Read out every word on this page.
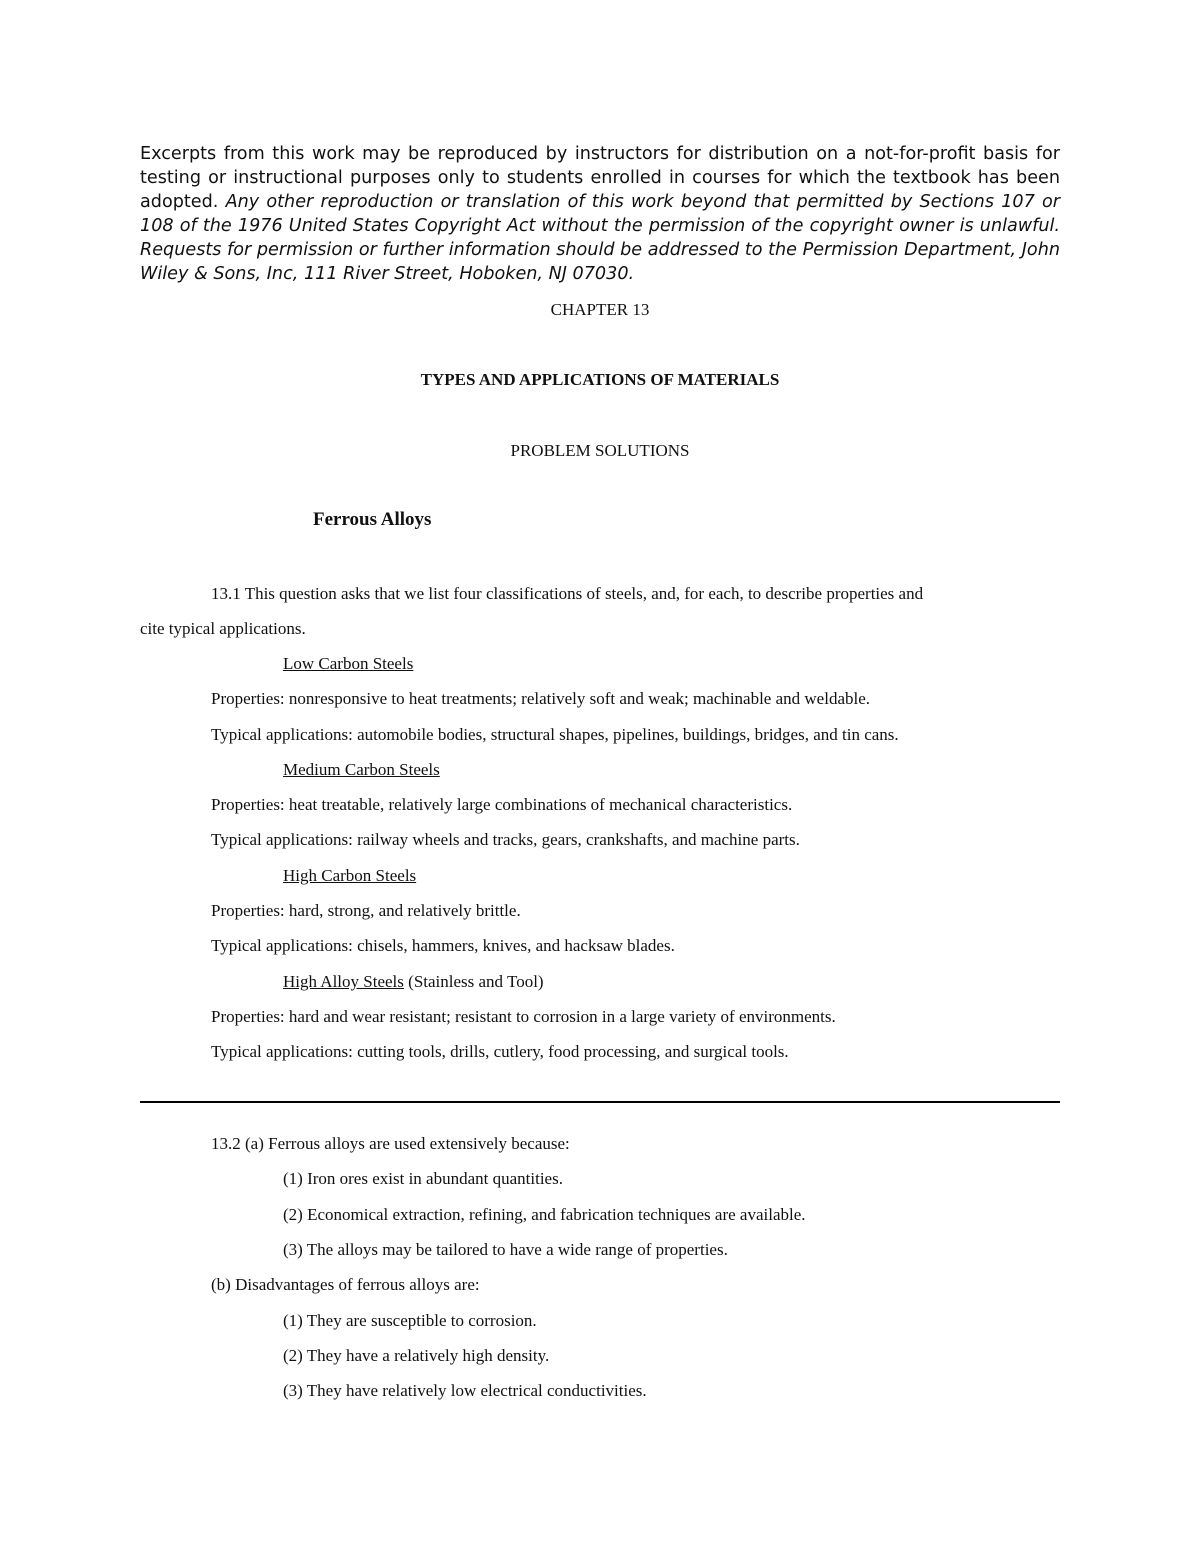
Excerpts from this work may be reproduced by instructors for distribution on a not-for-profit basis for testing or instructional purposes only to students enrolled in courses for which the textbook has been adopted. Any other reproduction or translation of this work beyond that permitted by Sections 107 or 108 of the 1976 United States Copyright Act without the permission of the copyright owner is unlawful. Requests for permission or further information should be addressed to the Permission Department, John Wiley & Sons, Inc, 111 River Street, Hoboken, NJ 07030.
CHAPTER 13
TYPES AND APPLICATIONS OF MATERIALS
PROBLEM SOLUTIONS
Ferrous Alloys
13.1 This question asks that we list four classifications of steels, and, for each, to describe properties and
cite typical applications.
Low Carbon Steels
Properties: nonresponsive to heat treatments; relatively soft and weak; machinable and weldable.
Typical applications: automobile bodies, structural shapes, pipelines, buildings, bridges, and tin cans.
Medium Carbon Steels
Properties: heat treatable, relatively large combinations of mechanical characteristics.
Typical applications: railway wheels and tracks, gears, crankshafts, and machine parts.
High Carbon Steels
Properties: hard, strong, and relatively brittle.
Typical applications: chisels, hammers, knives, and hacksaw blades.
High Alloy Steels (Stainless and Tool)
Properties: hard and wear resistant; resistant to corrosion in a large variety of environments.
Typical applications: cutting tools, drills, cutlery, food processing, and surgical tools.
13.2 (a) Ferrous alloys are used extensively because:
(1) Iron ores exist in abundant quantities.
(2) Economical extraction, refining, and fabrication techniques are available.
(3) The alloys may be tailored to have a wide range of properties.
(b) Disadvantages of ferrous alloys are:
(1) They are susceptible to corrosion.
(2) They have a relatively high density.
(3) They have relatively low electrical conductivities.
